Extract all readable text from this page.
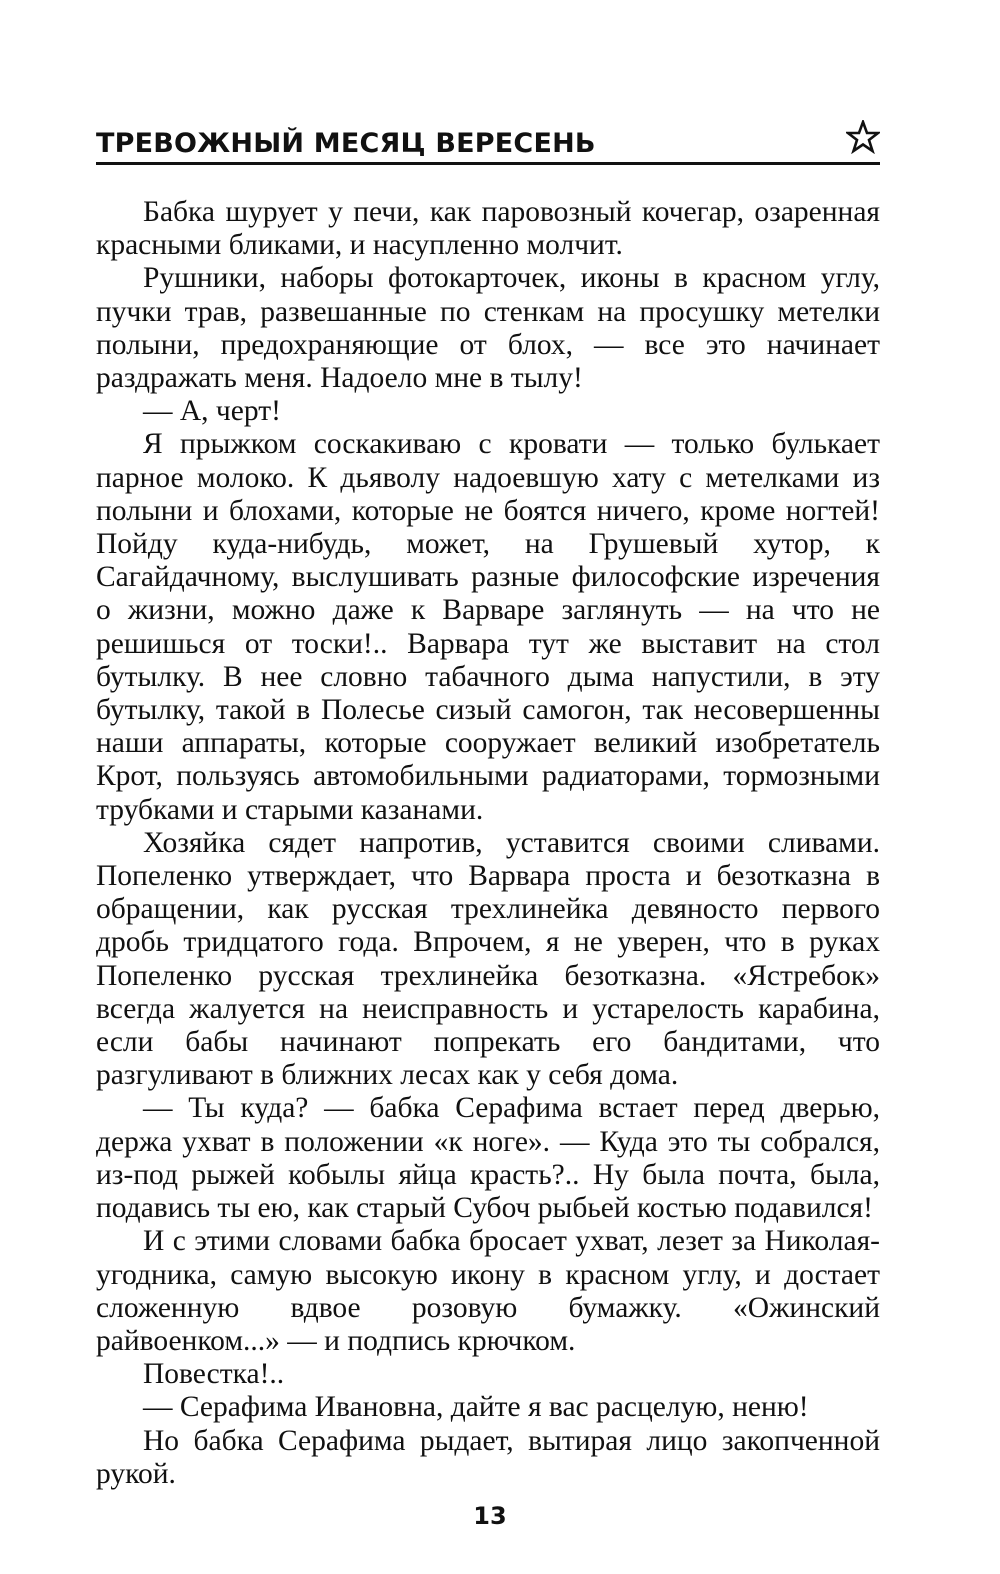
ТРЕВОЖНЫЙ МЕСЯЦ ВЕРЕСЕНЬ

Бабка шурует у печи, как паровозный кочегар, озаренная красными бликами, и насупленно молчит.

Рушники, наборы фотокарточек, иконы в красном углу, пучки трав, развешанные по стенкам на просушку метелки полыни, предохраняющие от блох, — все это начинает раздражать меня. Надоело мне в тылу!

— А, черт!

Я прыжком соскакиваю с кровати — только булькает парное молоко. К дьяволу надоевшую хату с метелками из полыни и блохами, которые не боятся ничего, кроме ногтей! Пойду куда-нибудь, может, на Грушевый хутор, к Сагайдачному, выслушивать разные философские изречения о жизни, можно даже к Варваре заглянуть — на что не решишься от тоски!.. Варвара тут же выставит на стол бутылку. В нее словно табачного дыма напустили, в эту бутылку, такой в Полесье сизый самогон, так несовершенны наши аппараты, которые сооружает великий изобретатель Крот, пользуясь автомобильными радиаторами, тормозными трубками и старыми казанами.

Хозяйка сядет напротив, уставится своими сливами. Попеленко утверждает, что Варвара проста и безотказна в обращении, как русская трехлинейка девяносто первого дробь тридцатого года. Впрочем, я не уверен, что в руках Попеленко русская трехлинейка безотказна. «Ястребок» всегда жалуется на неисправность и устарелость карабина, если бабы начинают попрекать его бандитами, что разгуливают в ближних лесах как у себя дома.

— Ты куда? — бабка Серафима встает перед дверью, держа ухват в положении «к ноге». — Куда это ты собрался, из-под рыжей кобылы яйца красть?.. Ну была почта, была, подавись ты ею, как старый Субоч рыбьей костью подавился!

И с этими словами бабка бросает ухват, лезет за Николая-угодника, самую высокую икону в красном углу, и достает сложенную вдвое розовую бумажку. «Ожинский райвоенком...» — и подпись крючком.

Повестка!..

— Серафима Ивановна, дайте я вас расцелую, неню!

Но бабка Серафима рыдает, вытирая лицо закопченной рукой.

13
